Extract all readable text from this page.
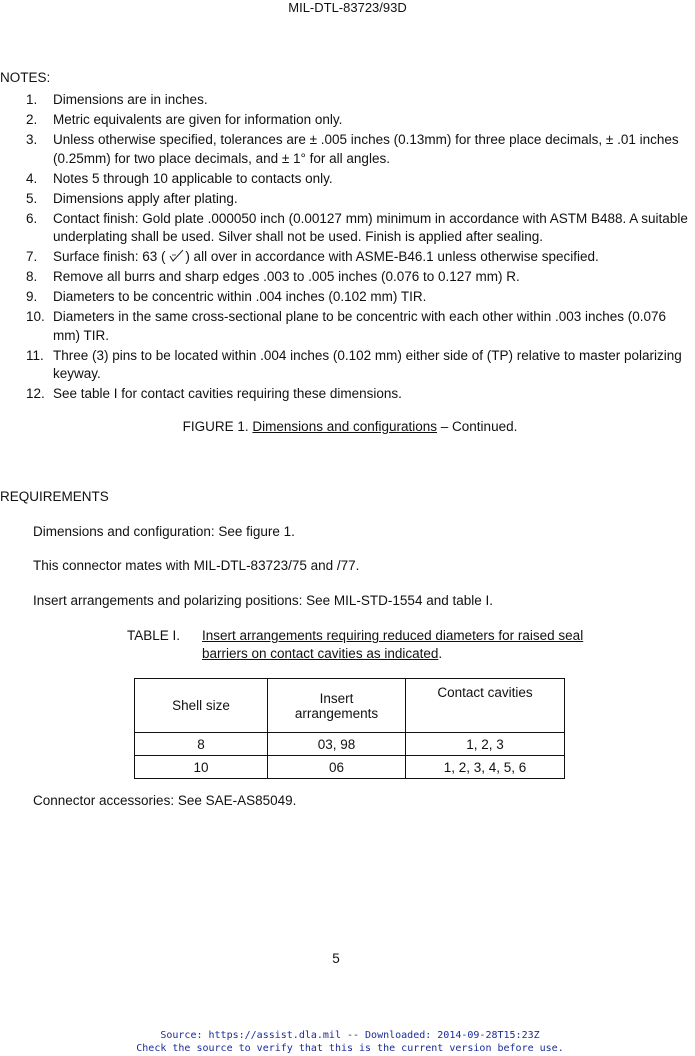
MIL-DTL-83723/93D
NOTES:
1.	Dimensions are in inches.
2.	Metric equivalents are given for information only.
3.	Unless otherwise specified, tolerances are ± .005 inches (0.13mm) for three place decimals, ± .01 inches (0.25mm) for two place decimals, and ± 1° for all angles.
4.	Notes 5 through 10 applicable to contacts only.
5.	Dimensions apply after plating.
6.	Contact finish: Gold plate .000050 inch (0.00127 mm) minimum in accordance with ASTM B488. A suitable underplating shall be used. Silver shall not be used. Finish is applied after sealing.
7.	Surface finish: 63 ( ) all over in accordance with ASME-B46.1 unless otherwise specified.
8.	Remove all burrs and sharp edges .003 to .005 inches (0.076 to 0.127 mm) R.
9.	Diameters to be concentric within .004 inches (0.102 mm) TIR.
10. Diameters in the same cross-sectional plane to be concentric with each other within .003 inches (0.076 mm) TIR.
11. Three (3) pins to be located within .004 inches (0.102 mm) either side of (TP) relative to master polarizing keyway.
12. See table I for contact cavities requiring these dimensions.
FIGURE 1. Dimensions and configurations – Continued.
REQUIREMENTS
Dimensions and configuration: See figure 1.
This connector mates with MIL-DTL-83723/75 and /77.
Insert arrangements and polarizing positions: See MIL-STD-1554 and table I.
TABLE I. Insert arrangements requiring reduced diameters for raised seal barriers on contact cavities as indicated.
Shell size	Insert arrangements	Contact cavities
8	03, 98	1, 2, 3
10	06	1, 2, 3, 4, 5, 6
Connector accessories: See SAE-AS85049.
5
Source: https://assist.dla.mil -- Downloaded: 2014-09-28T15:23Z
Check the source to verify that this is the current version before use.
